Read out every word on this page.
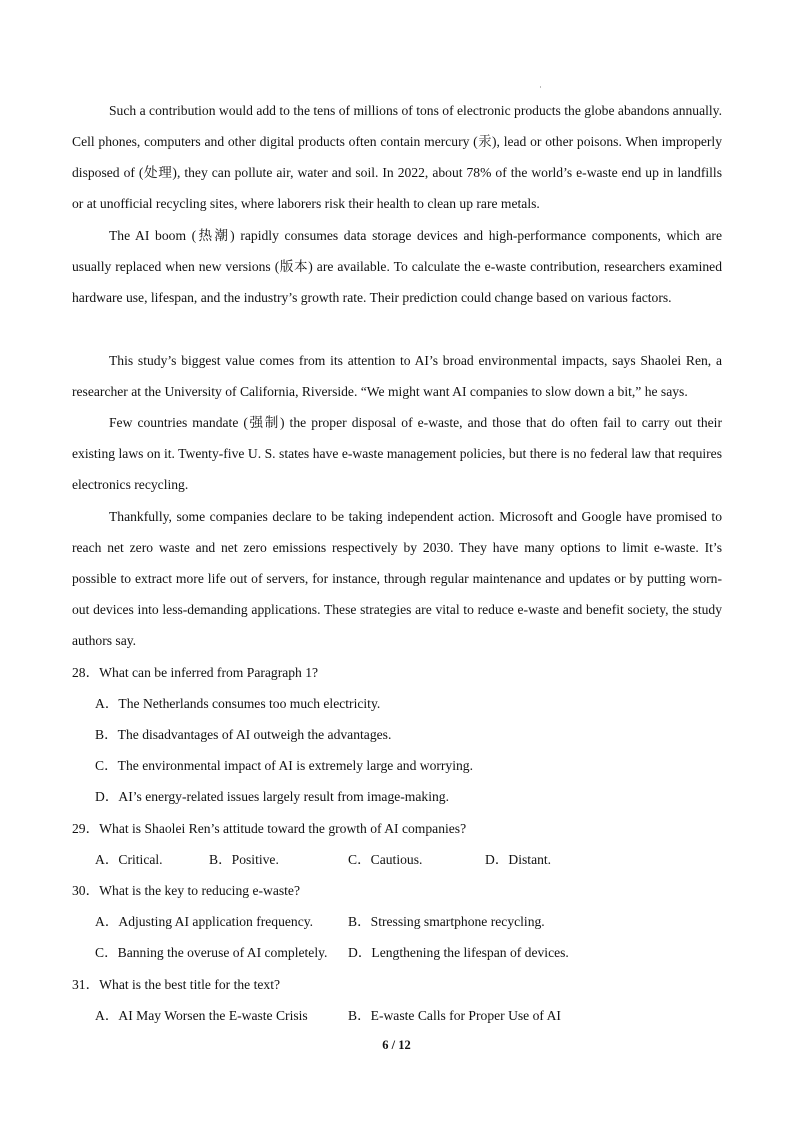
Such a contribution would add to the tens of millions of tons of electronic products the globe abandons annually. Cell phones, computers and other digital products often contain mercury (汞), lead or other poisons. When improperly disposed of (处理), they can pollute air, water and soil. In 2022, about 78% of the world’s e-waste end up in landfills or at unofficial recycling sites, where laborers risk their health to clean up rare metals.

The AI boom (热潮) rapidly consumes data storage devices and high-performance components, which are usually replaced when new versions (版本) are available. To calculate the e-waste contribution, researchers examined hardware use, lifespan, and the industry’s growth rate. Their prediction could change based on various factors.

This study’s biggest value comes from its attention to AI’s broad environmental impacts, says Shaolei Ren, a researcher at the University of California, Riverside. “We might want AI companies to slow down a bit,” he says.

Few countries mandate (强制) the proper disposal of e-waste, and those that do often fail to carry out their existing laws on it. Twenty-five U. S. states have e-waste management policies, but there is no federal law that requires electronics recycling.

Thankfully, some companies declare to be taking independent action. Microsoft and Google have promised to reach net zero waste and net zero emissions respectively by 2030. They have many options to limit e-waste. It’s possible to extract more life out of servers, for instance, through regular maintenance and updates or by putting worn-out devices into less-demanding applications. These strategies are vital to reduce e-waste and benefit society, the study authors say.

28．What can be inferred from Paragraph 1?

A．The Netherlands consumes too much electricity.

B．The disadvantages of AI outweigh the advantages.

C．The environmental impact of AI is extremely large and worrying.

D．AI’s energy-related issues largely result from image-making.

29．What is Shaolei Ren’s attitude toward the growth of AI companies?

A．Critical.	B．Positive.	C．Cautious.	D．Distant.

30．What is the key to reducing e-waste?

A．Adjusting AI application frequency.	B．Stressing smartphone recycling.

C．Banning the overuse of AI completely. D．Lengthening the lifespan of devices.

31．What is the best title for the text?

A．AI May Worsen the E-waste Crisis	B．E-waste Calls for Proper Use of AI

6 / 12
